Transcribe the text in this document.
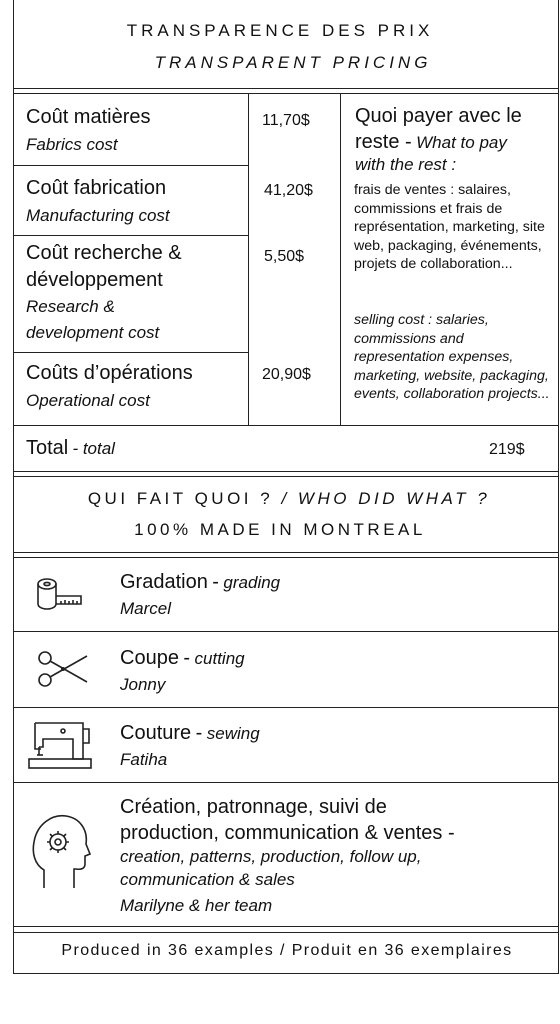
TRANSPARENCE DES PRIX
TRANSPARENT PRICING
Coût matières
Fabrics cost
11,70$
Coût fabrication
Manufacturing cost
41,20$
Coût recherche &
développement
Research &
development cost
5,50$
Coûts d’opérations
Operational cost
20,90$
Quoi payer avec le
reste - What to pay
with the rest :
frais de ventes : salaires, commissions et frais de représentation, marketing, site web, packaging, événements, projets de collaboration...
selling cost : salaries, commissions and representation expenses, marketing, website, packaging, events, collaboration projects...
Total - total	219$
QUI FAIT QUOI ? / WHO DID WHAT ?
100% MADE IN MONTREAL
Gradation - grading
Marcel
Coupe - cutting
Jonny
Couture - sewing
Fatiha
Création, patronnage, suivi de
production, communication & ventes -
creation, patterns, production, follow up,
communication & sales
Marilyne & her team
Produced in 36 examples / Produit en 36 exemplaires
